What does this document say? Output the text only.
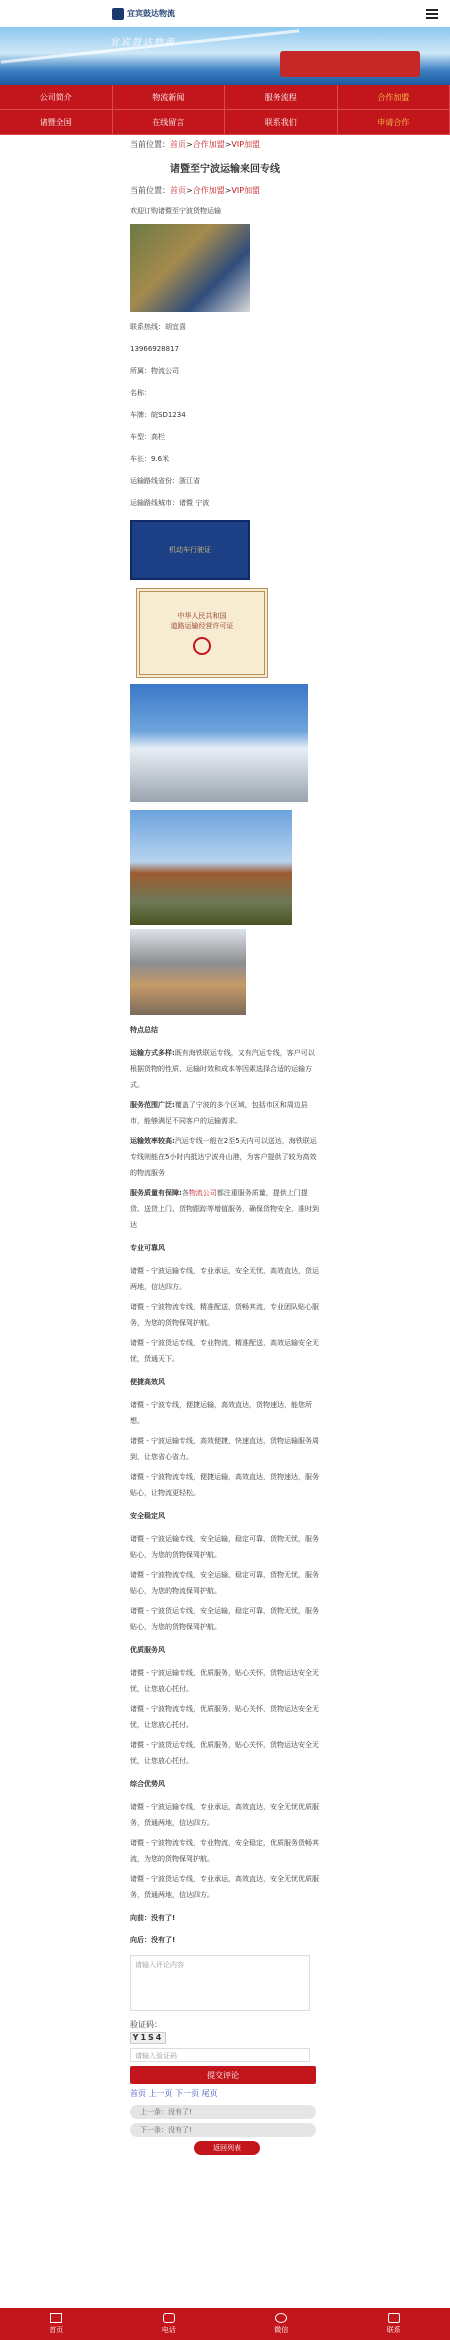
宜宾鼓达物流
宜宾鼓达物流
公司简介	物流新闻	服务流程	合作加盟
诸暨全国	在线留言	联系我们	申请合作
当前位置：首页>合作加盟>VIP加盟
诸暨至宁波运输来回专线
当前位置：首页>合作加盟>VIP加盟
欢迎订购诸暨至宁波货物运输
联系热线：胡宜喜
13966928817
所属：物流公司
名称：
车牌：皖SD1234
车型：高栏
车长：9.6米
运输路线省份：浙江省
运输路线城市：诸暨 宁波
机动车行驶证
中华人民共和国
道路运输经营许可证
特点总结
运输方式多样:既有海铁联运专线，又有汽运专线，客户可以根据货物的性质、运输时效和成本等因素选择合适的运输方式。
服务范围广泛:覆盖了宁波的多个区域，包括市区和周边县市，能够满足不同客户的运输需求。
运输效率较高:汽运专线一般在2至5天内可以送达，海铁联运专线则能在5小时内抵达宁波舟山港，为客户提供了较为高效的物流服务
服务质量有保障:各物流公司都注重服务质量，提供上门提货、送货上门、货物跟踪等增值服务，确保货物安全、准时到达
专业可靠风
诸暨 - 宁波运输专线，专业承运，安全无忧，高效直达，货运两地，信达四方。
诸暨 - 宁波物流专线，精准配送，货畅其流，专业团队贴心服务，为您的货物保驾护航。
诸暨 - 宁波货运专线，专业物流，精准配送，高效运输安全无忧，货通天下。
便捷高效风
诸暨 - 宁波专线，便捷运输，高效直达，货物速达，能您所想。
诸暨 - 宁波运输专线，高效便捷，快速直达，货物运输服务周到，让您省心省力。
诸暨 - 宁波物流专线，便捷运输，高效直达，货物速达，服务贴心，让物流更轻松。
安全稳定风
诸暨 - 宁波运输专线，安全运输，稳定可靠，货物无忧，服务贴心，为您的货物保驾护航。
诸暨 - 宁波物流专线，安全运输，稳定可靠，货物无忧，服务贴心，为您的物流保驾护航。
诸暨 - 宁波货运专线，安全运输，稳定可靠，货物无忧，服务贴心，为您的货物保驾护航。
优质服务风
诸暨 - 宁波运输专线，优质服务，贴心关怀，货物运达安全无忧，让您放心托付。
诸暨 - 宁波物流专线，优质服务，贴心关怀，货物运达安全无忧，让您放心托付。
诸暨 - 宁波货运专线，优质服务，贴心关怀，货物运达安全无忧，让您放心托付。
综合优势风
诸暨 - 宁波运输专线，专业承运，高效直达，安全无忧优质服务，货通两地，信达四方。
诸暨 - 宁波物流专线，专业物流，安全稳定，优质服务货畅其流，为您的货物保驾护航。
诸暨 - 宁波货运专线，专业承运，高效直达，安全无忧优质服务，货通两地，信达四方。
向前：没有了!
向后：没有了!
请输入评论内容
验证码：
Y1S4
请输入验证码
提交评论
首页 上一页 下一页 尾页
上一条：没有了!
下一条：没有了!
返回列表
首页	电话	微信	联系
